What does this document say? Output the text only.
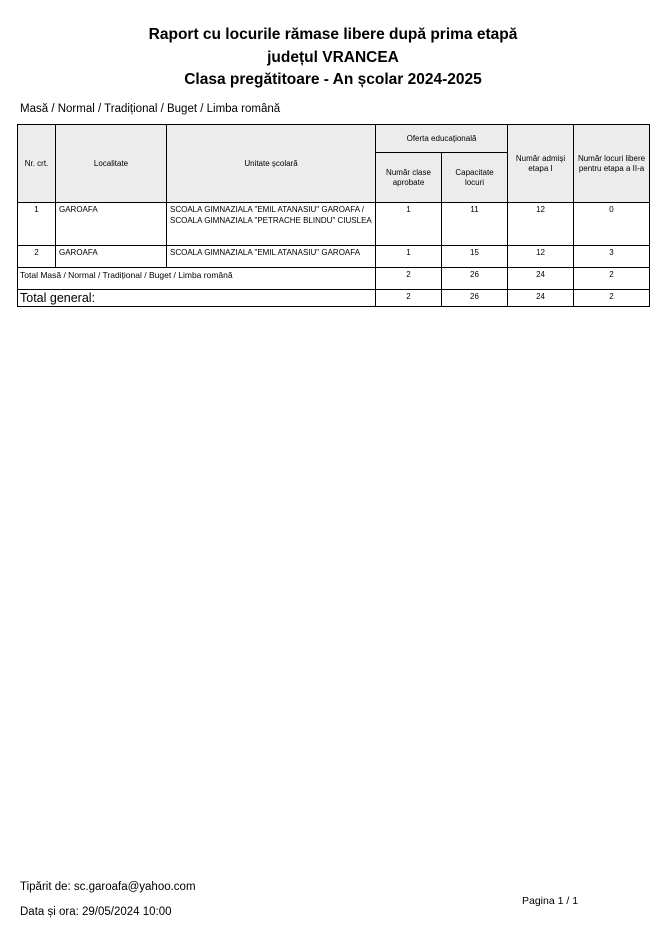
Raport cu locurile rămase libere după prima etapă
județul VRANCEA
Clasa pregătitoare - An școlar 2024-2025
Masă / Normal / Tradițional / Buget / Limba română
Nr. crt.	Localitate	Unitate școlară	Oferta educațională		Număr admiși etapa I	Număr locuri libere pentru etapa a II-a
			Număr clase aprobate	Capacitate locuri		
1	GAROAFA	SCOALA GIMNAZIALA "EMIL ATANASIU" GAROAFA / SCOALA GIMNAZIALA "PETRACHE BLINDU" CIUSLEA	1	11	12	0
2	GAROAFA	SCOALA GIMNAZIALA "EMIL ATANASIU" GAROAFA	1	15	12	3
Total Masă / Normal / Tradițional / Buget / Limba română			2	26	24	2
Total general:			2	26	24	2
Tipărit de: sc.garoafa@yahoo.com
Data și ora: 29/05/2024 10:00
Pagina 1 / 1
